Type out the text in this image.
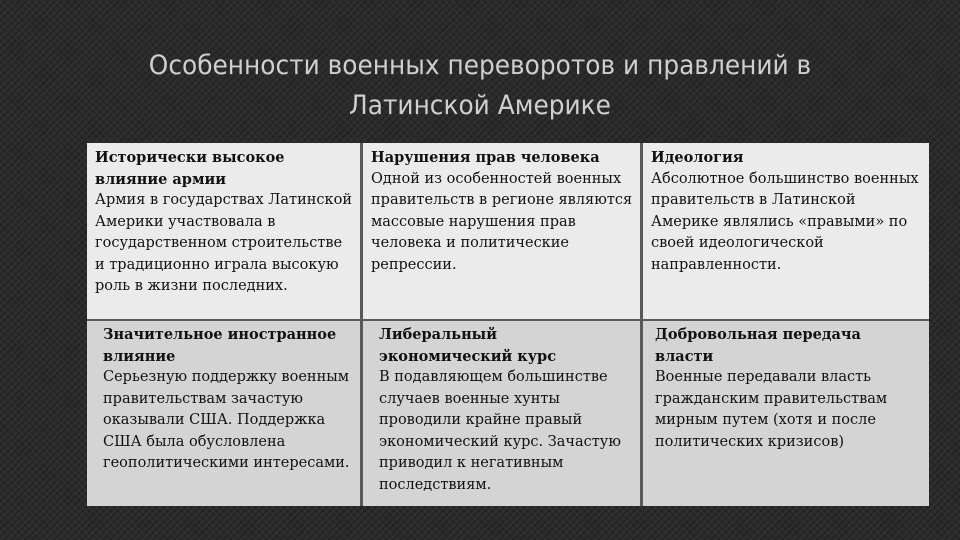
Особенности военных переворотов и правлений в
Латинской Америке
Исторически высокое влияние армии
Армия в государствах Латинской Америки участвовала в государственном строительстве и традиционно играла высокую роль в жизни последних.
Нарушения прав человека
Одной из особенностей военных правительств в регионе являются массовые нарушения прав человека и политические репрессии.
Идеология
Абсолютное большинство военных правительств в Латинской Америке являлись «правыми» по своей идеологической направленности.
Значительное иностранное влияние
Серьезную поддержку военным правительствам зачастую оказывали США. Поддержка США была обусловлена геополитическими интересами.
Либеральный экономический курс
В подавляющем большинстве случаев военные хунты проводили крайне правый экономический курс. Зачастую приводил к негативным последствиям.
Добровольная передача власти
Военные передавали власть гражданским правительствам мирным путем (хотя и после политических кризисов)
